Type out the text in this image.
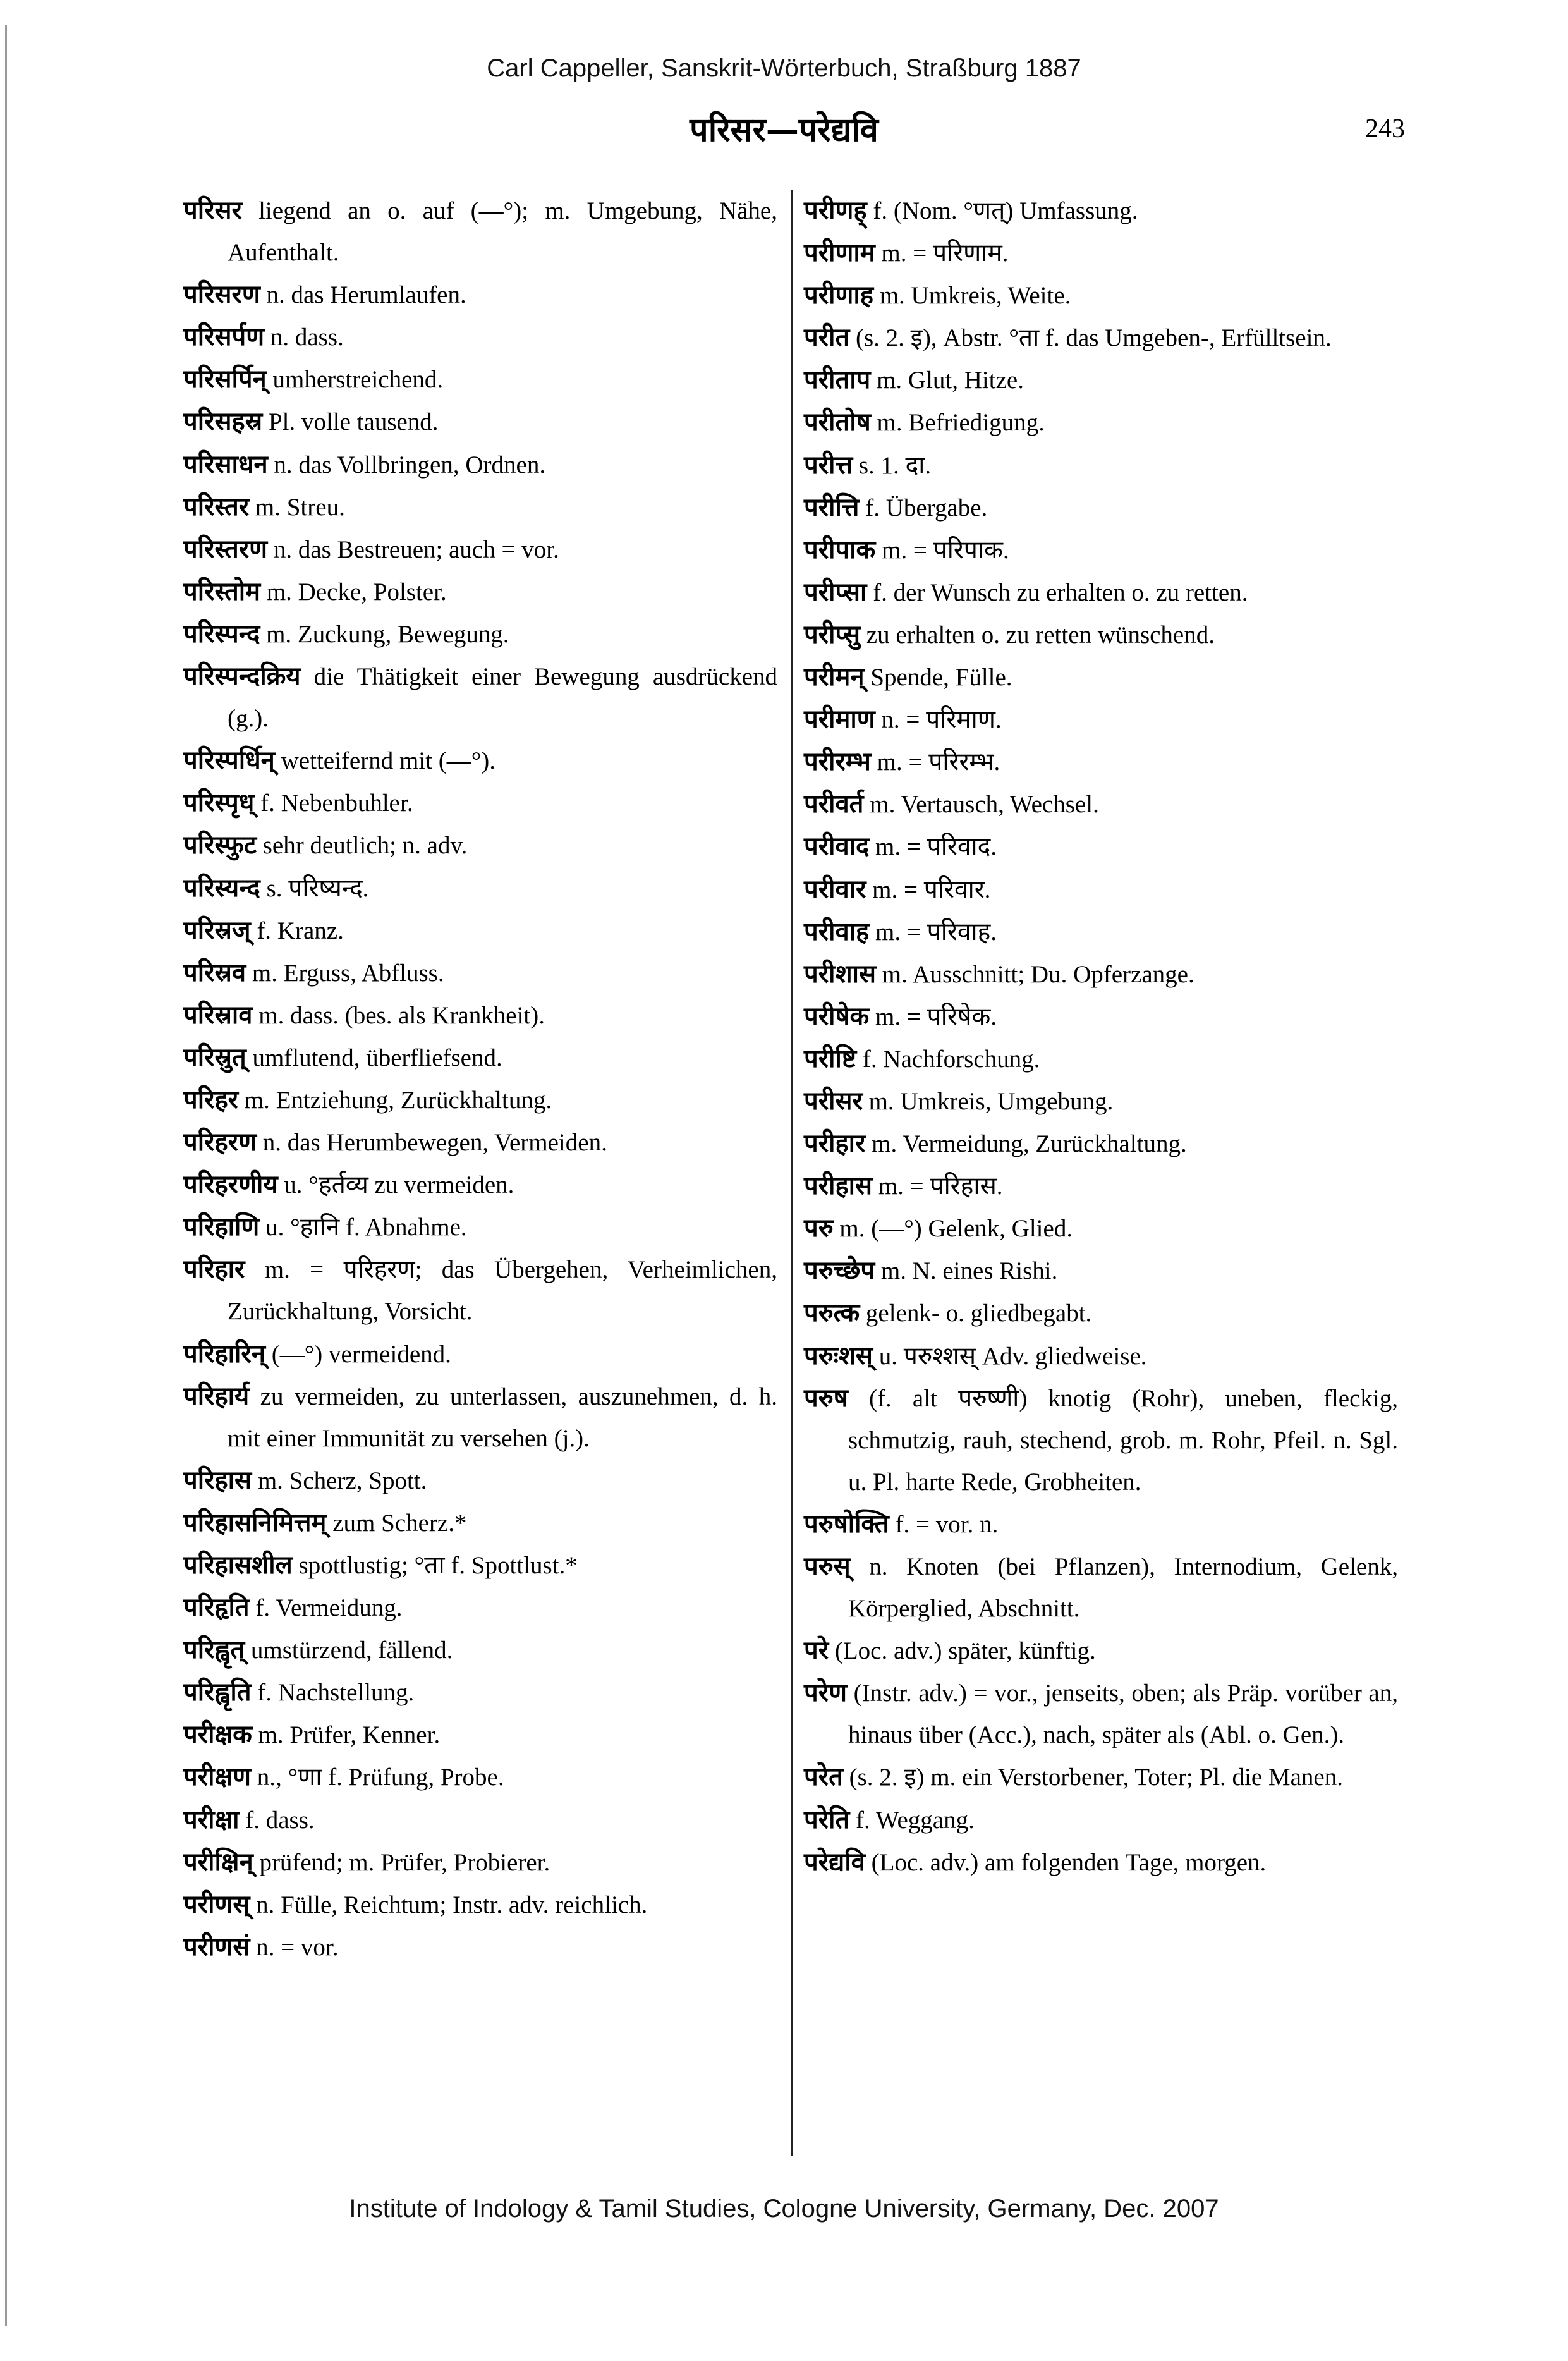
Carl Cappeller, Sanskrit-Wörterbuch, Straßburg 1887
परिसर—परेद्यवि	243
परिसर liegend an o. auf (—°); m. Umgebung, Nähe, Aufenthalt.
परिसरण n. das Herumlaufen.
परिसर्पण n. dass.
परिसर्पिन् umherstreichend.
परिसहस्र Pl. volle tausend.
परिसाधन n. das Vollbringen, Ordnen.
परिस्तर m. Streu.
परिस्तरण n. das Bestreuen; auch = vor.
परिस्तोम m. Decke, Polster.
परिस्पन्द m. Zuckung, Bewegung.
परिस्पन्दक्रिय die Thätigkeit einer Bewegung ausdrückend (g.).
परिस्पर्धिन् wetteifernd mit (—°).
परिस्पृध् f. Nebenbuhler.
परिस्फुट sehr deutlich; n. adv.
परिस्यन्द s. परिष्यन्द.
परिस्रज् f. Kranz.
परिस्रव m. Erguss, Abfluss.
परिस्राव m. dass. (bes. als Krankheit).
परिस्रुत् umflutend, überfliefsend.
परिहर m. Entziehung, Zurückhaltung.
परिहरण n. das Herumbewegen, Vermeiden.
परिहरणीय u. °हर्तव्य zu vermeiden.
परिहाणि u. °हानि f. Abnahme.
परिहार m. = परिहरण; das Übergehen, Verheimlichen, Zurückhaltung, Vorsicht.
परिहारिन् (—°) vermeidend.
परिहार्य zu vermeiden, zu unterlassen, auszunehmen, d. h. mit einer Immunität zu versehen (j.).
परिहास m. Scherz, Spott.
परिहासनिमित्तम् zum Scherz.*
परिहासशील spottlustig; °ता f. Spottlust.*
परिहृति f. Vermeidung.
परिह्वृत् umstürzend, fällend.
परिह्वृति f. Nachstellung.
परीक्षक m. Prüfer, Kenner.
परीक्षण n., °णा f. Prüfung, Probe.
परीक्षा f. dass.
परीक्षिन् prüfend; m. Prüfer, Probierer.
परीणस् n. Fülle, Reichtum; Instr. adv. reichlich.
परीणसं n. = vor.
परीणह् f. (Nom. °णत्) Umfassung.
परीणाम m. = परिणाम.
परीणाह m. Umkreis, Weite.
परीत (s. 2. इ), Abstr. °ता f. das Umgeben-, Erfülltsein.
परीताप m. Glut, Hitze.
परीतोष m. Befriedigung.
परीत्त s. 1. दा.
परीत्ति f. Übergabe.
परीपाक m. = परिपाक.
परीप्सा f. der Wunsch zu erhalten o. zu retten.
परीप्सु zu erhalten o. zu retten wünschend.
परीमन् Spende, Fülle.
परीमाण n. = परिमाण.
परीरम्भ m. = परिरम्भ.
परीवर्त m. Vertausch, Wechsel.
परीवाद m. = परिवाद.
परीवार m. = परिवार.
परीवाह m. = परिवाह.
परीशास m. Ausschnitt; Du. Opferzange.
परीषेक m. = परिषेक.
परीष्टि f. Nachforschung.
परीसर m. Umkreis, Umgebung.
परीहार m. Vermeidung, Zurückhaltung.
परीहास m. = परिहास.
परु m. (—°) Gelenk, Glied.
परुच्छेप m. N. eines Rishi.
परुत्क gelenk- o. gliedbegabt.
परुःशस् u. परुश्शस् Adv. gliedweise.
परुष (f. alt परुष्णी) knotig (Rohr), uneben, fleckig, schmutzig, rauh, stechend, grob. m. Rohr, Pfeil. n. Sgl. u. Pl. harte Rede, Grobheiten.
परुषोक्ति f. = vor. n.
परुस् n. Knoten (bei Pflanzen), Internodium, Gelenk, Körperglied, Abschnitt.
परे (Loc. adv.) später, künftig.
परेण (Instr. adv.) = vor., jenseits, oben; als Präp. vorüber an, hinaus über (Acc.), nach, später als (Abl. o. Gen.).
परेत (s. 2. इ) m. ein Verstorbener, Toter; Pl. die Manen.
परेति f. Weggang.
परेद्यवि (Loc. adv.) am folgenden Tage, morgen.
Institute of Indology & Tamil Studies, Cologne University, Germany, Dec. 2007
